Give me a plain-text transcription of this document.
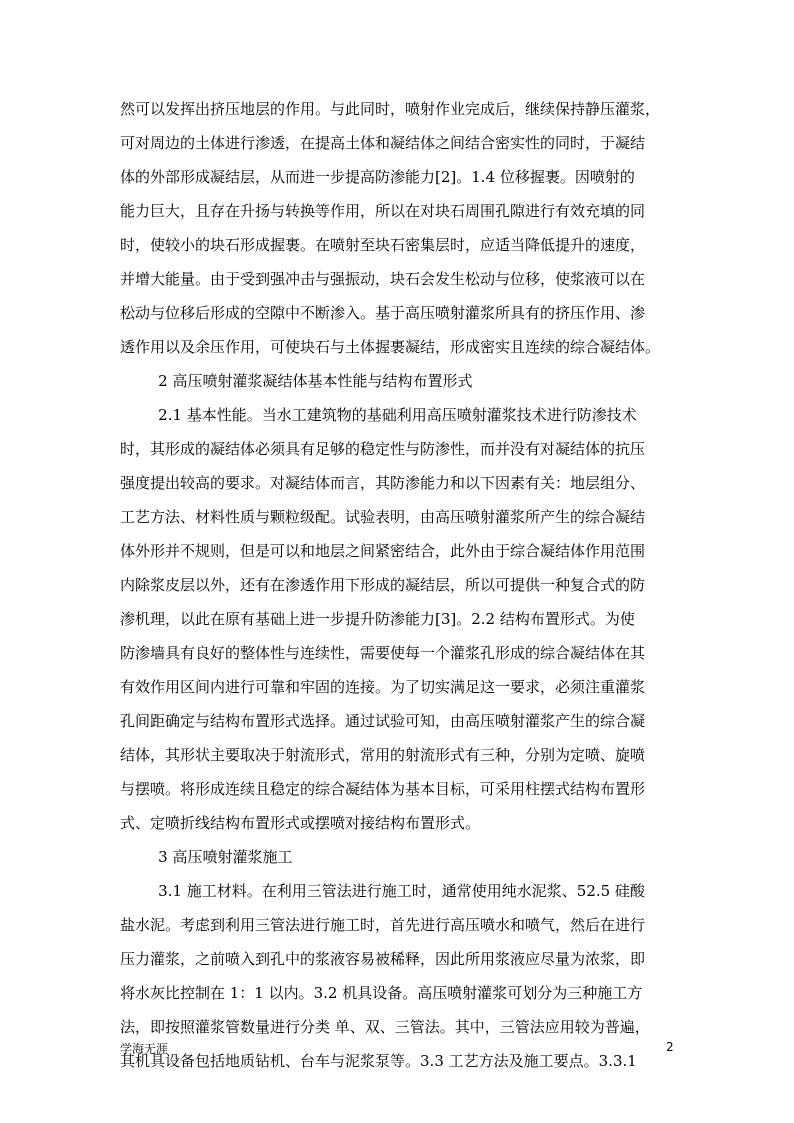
然可以发挥出挤压地层的作用。与此同时，喷射作业完成后，继续保持静压灌浆，
可对周边的土体进行渗透，在提高土体和凝结体之间结合密实性的同时，于凝结
体的外部形成凝结层，从而进一步提高防渗能力[2]。1.4 位移握裹。因喷射的
能力巨大，且存在升扬与转换等作用，所以在对块石周围孔隙进行有效充填的同
时，使较小的块石形成握裹。在喷射至块石密集层时，应适当降低提升的速度，
并增大能量。由于受到强冲击与强振动，块石会发生松动与位移，使浆液可以在
松动与位移后形成的空隙中不断渗入。基于高压喷射灌浆所具有的挤压作用、渗
透作用以及余压作用，可使块石与土体握裹凝结，形成密实且连续的综合凝结体。
2 高压喷射灌浆凝结体基本性能与结构布置形式
2.1 基本性能。当水工建筑物的基础利用高压喷射灌浆技术进行防渗技术
时，其形成的凝结体必须具有足够的稳定性与防渗性，而并没有对凝结体的抗压
强度提出较高的要求。对凝结体而言，其防渗能力和以下因素有关：地层组分、
工艺方法、材料性质与颗粒级配。试验表明，由高压喷射灌浆所产生的综合凝结
体外形并不规则，但是可以和地层之间紧密结合，此外由于综合凝结体作用范围
内除浆皮层以外，还有在渗透作用下形成的凝结层，所以可提供一种复合式的防
渗机理，以此在原有基础上进一步提升防渗能力[3]。2.2 结构布置形式。为使
防渗墙具有良好的整体性与连续性，需要使每一个灌浆孔形成的综合凝结体在其
有效作用区间内进行可靠和牢固的连接。为了切实满足这一要求，必须注重灌浆
孔间距确定与结构布置形式选择。通过试验可知，由高压喷射灌浆产生的综合凝
结体，其形状主要取决于射流形式，常用的射流形式有三种，分别为定喷、旋喷
与摆喷。将形成连续且稳定的综合凝结体为基本目标，可采用柱摆式结构布置形
式、定喷折线结构布置形式或摆喷对接结构布置形式。
3 高压喷射灌浆施工
3.1 施工材料。在利用三管法进行施工时，通常使用纯水泥浆、52.5 硅酸
盐水泥。考虑到利用三管法进行施工时，首先进行高压喷水和喷气，然后在进行
压力灌浆，之前喷入到孔中的浆液容易被稀释，因此所用浆液应尽量为浓浆，即
将水灰比控制在 1：1 以内。3.2 机具设备。高压喷射灌浆可划分为三种施工方
法，即按照灌浆管数量进行分类 单、双、三管法。其中，三管法应用较为普遍，
其机具设备包括地质钻机、台车与泥浆泵等。3.3 工艺方法及施工要点。3.3.1
学海无涯	2
